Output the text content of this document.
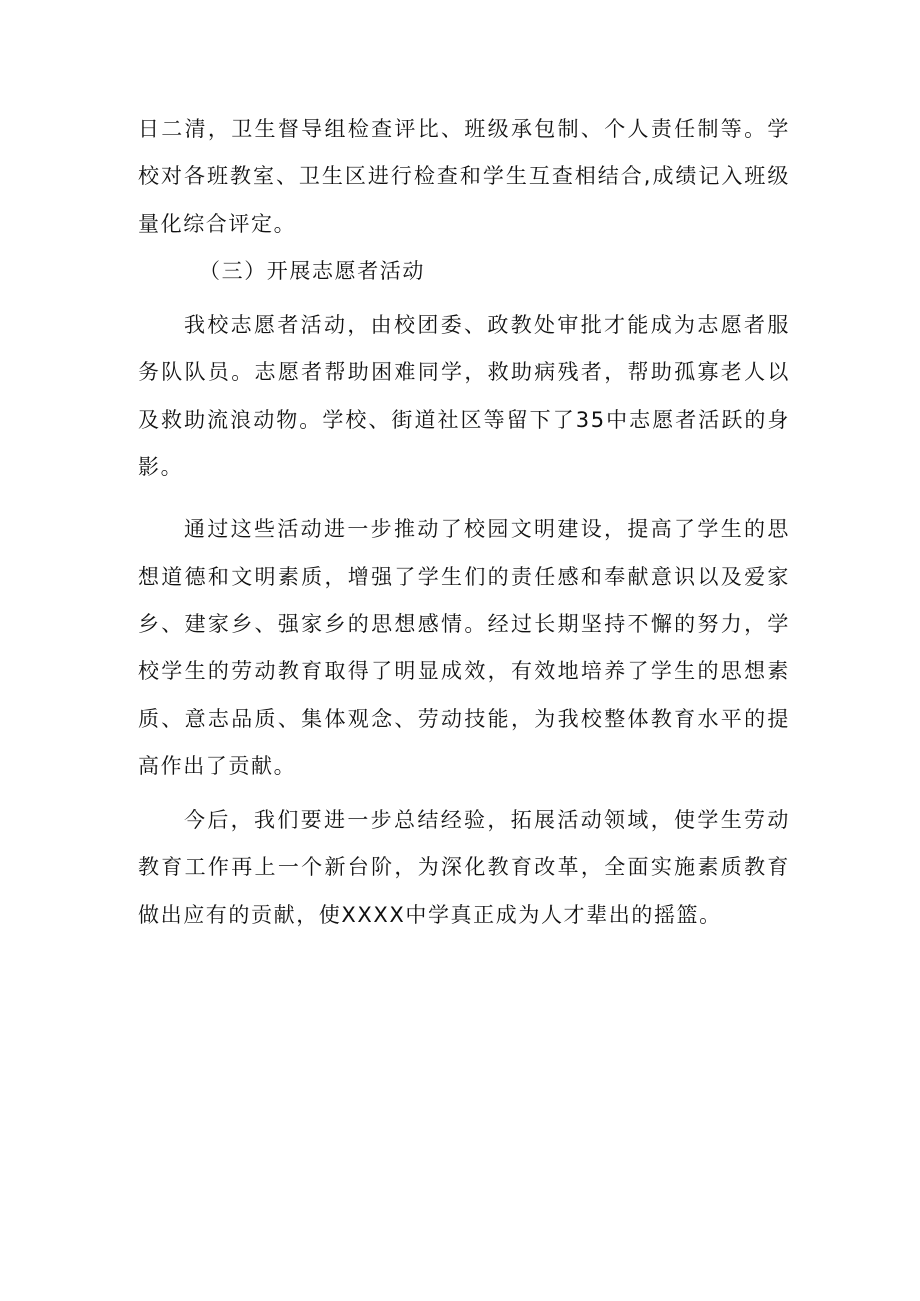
日二清，卫生督导组检查评比、班级承包制、个人责任制等。学校对各班教室、卫生区进行检查和学生互查相结合,成绩记入班级量化综合评定。

（三）开展志愿者活动

我校志愿者活动，由校团委、政教处审批才能成为志愿者服务队队员。志愿者帮助困难同学，救助病残者，帮助孤寡老人以及救助流浪动物。学校、街道社区等留下了35中志愿者活跃的身影。

通过这些活动进一步推动了校园文明建设，提高了学生的思想道德和文明素质，增强了学生们的责任感和奉献意识以及爱家乡、建家乡、强家乡的思想感情。经过长期坚持不懈的努力，学校学生的劳动教育取得了明显成效，有效地培养了学生的思想素质、意志品质、集体观念、劳动技能，为我校整体教育水平的提高作出了贡献。

今后，我们要进一步总结经验，拓展活动领域，使学生劳动教育工作再上一个新台阶，为深化教育改革，全面实施素质教育做出应有的贡献，使XXXX中学真正成为人才辈出的摇篮。
